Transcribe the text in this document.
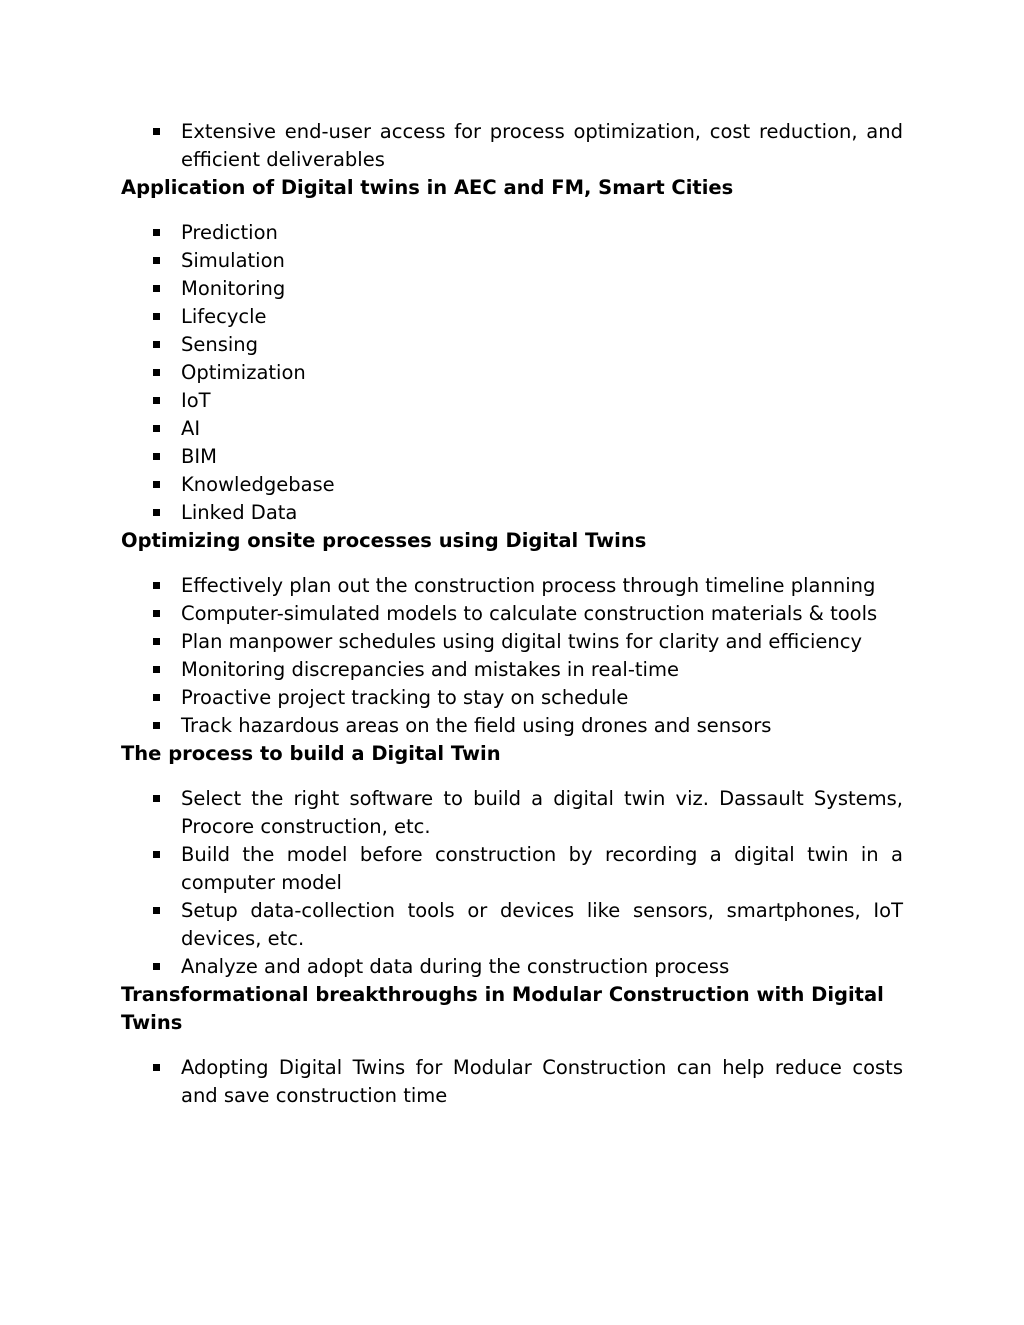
Extensive end-user access for process optimization, cost reduction, and efficient deliverables

Application of Digital twins in AEC and FM, Smart Cities

Prediction
Simulation
Monitoring
Lifecycle
Sensing
Optimization
IoT
AI
BIM
Knowledgebase
Linked Data

Optimizing onsite processes using Digital Twins

Effectively plan out the construction process through timeline planning
Computer-simulated models to calculate construction materials & tools
Plan manpower schedules using digital twins for clarity and efficiency
Monitoring discrepancies and mistakes in real-time
Proactive project tracking to stay on schedule
Track hazardous areas on the field using drones and sensors

The process to build a Digital Twin

Select the right software to build a digital twin viz. Dassault Systems, Procore construction, etc.
Build the model before construction by recording a digital twin in a computer model
Setup data-collection tools or devices like sensors, smartphones, IoT devices, etc.
Analyze and adopt data during the construction process

Transformational breakthroughs in Modular Construction with Digital Twins

Adopting Digital Twins for Modular Construction can help reduce costs and save construction time
